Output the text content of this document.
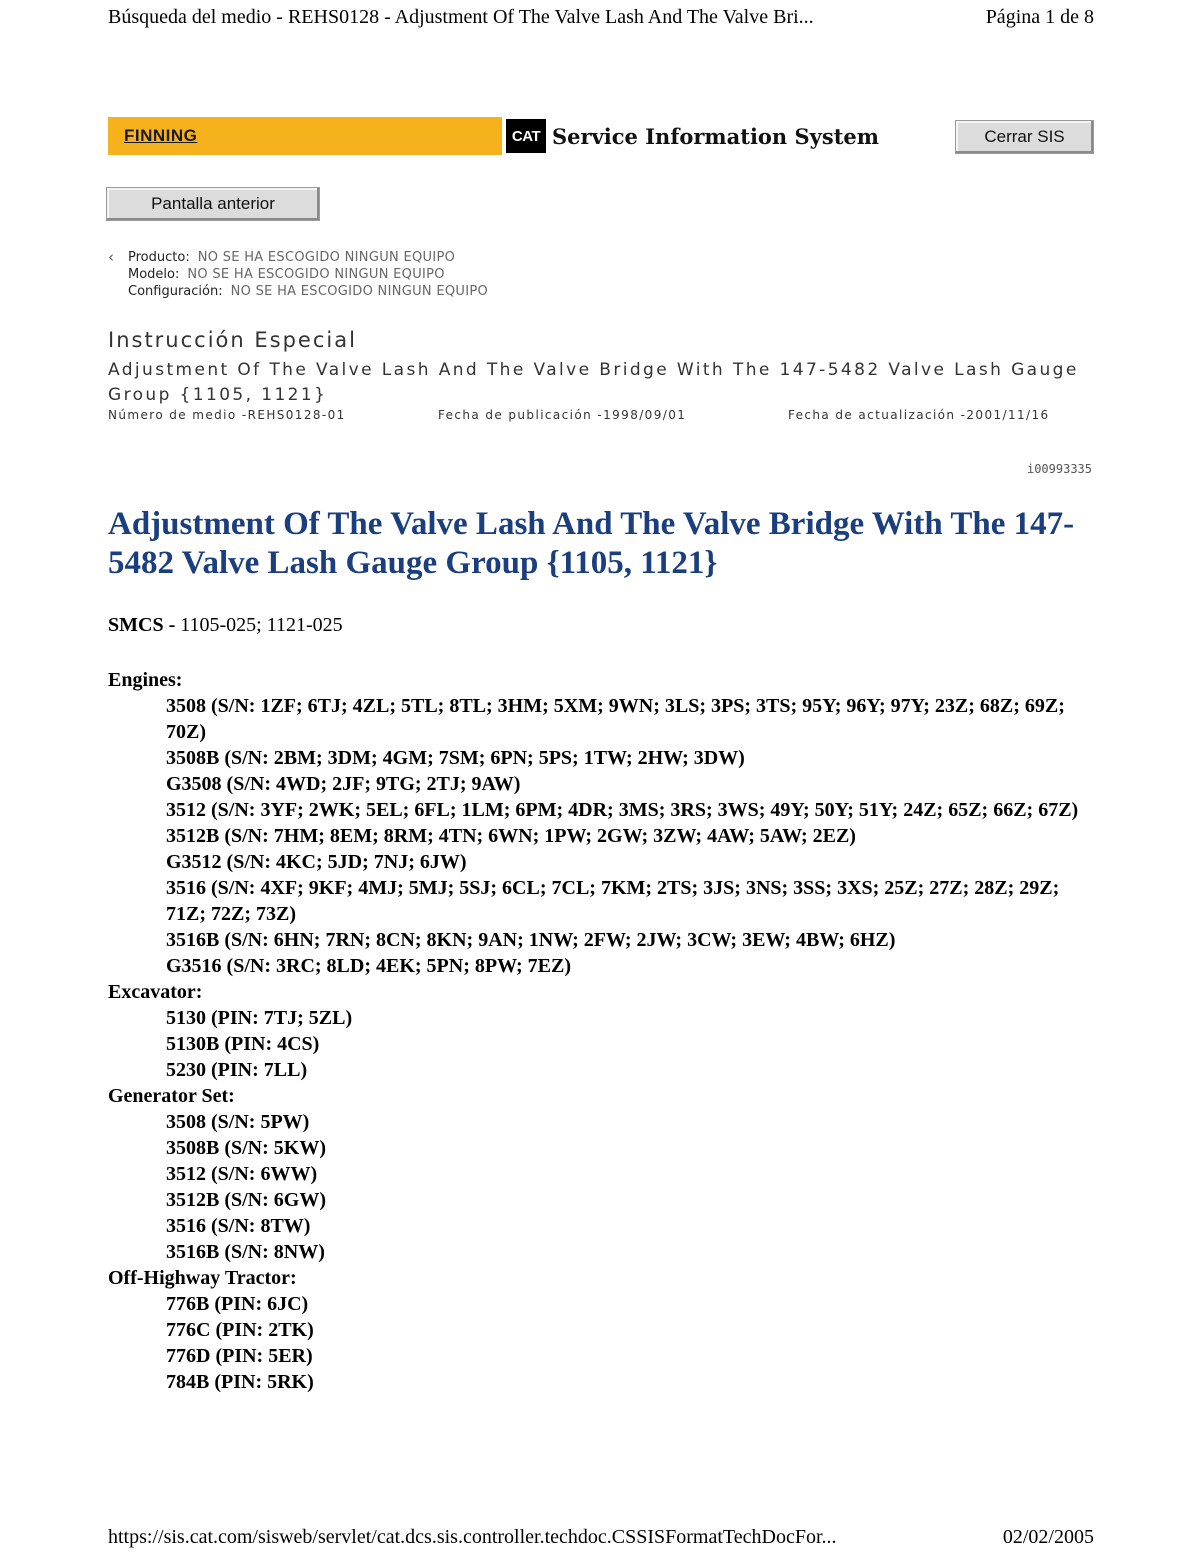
Búsqueda del medio - REHS0128 - Adjustment Of The Valve Lash And The Valve Bri...	Página 1 de 8
FINNING	CAT Service Information System	Cerrar SIS
Pantalla anterior
‹	Producto: NO SE HA ESCOGIDO NINGUN EQUIPO
Modelo: NO SE HA ESCOGIDO NINGUN EQUIPO
Configuración: NO SE HA ESCOGIDO NINGUN EQUIPO
Instrucción Especial
Adjustment Of The Valve Lash And The Valve Bridge With The 147-5482 Valve Lash Gauge Group {1105, 1121}
Número de medio -REHS0128-01	Fecha de publicación -1998/09/01	Fecha de actualización -2001/11/16
i00993335
Adjustment Of The Valve Lash And The Valve Bridge With The 147-5482 Valve Lash Gauge Group {1105, 1121}
SMCS - 1105-025; 1121-025
Engines:
3508 (S/N: 1ZF; 6TJ; 4ZL; 5TL; 8TL; 3HM; 5XM; 9WN; 3LS; 3PS; 3TS; 95Y; 96Y; 97Y; 23Z; 68Z; 69Z; 70Z)
3508B (S/N: 2BM; 3DM; 4GM; 7SM; 6PN; 5PS; 1TW; 2HW; 3DW)
G3508 (S/N: 4WD; 2JF; 9TG; 2TJ; 9AW)
3512 (S/N: 3YF; 2WK; 5EL; 6FL; 1LM; 6PM; 4DR; 3MS; 3RS; 3WS; 49Y; 50Y; 51Y; 24Z; 65Z; 66Z; 67Z)
3512B (S/N: 7HM; 8EM; 8RM; 4TN; 6WN; 1PW; 2GW; 3ZW; 4AW; 5AW; 2EZ)
G3512 (S/N: 4KC; 5JD; 7NJ; 6JW)
3516 (S/N: 4XF; 9KF; 4MJ; 5MJ; 5SJ; 6CL; 7CL; 7KM; 2TS; 3JS; 3NS; 3SS; 3XS; 25Z; 27Z; 28Z; 29Z; 71Z; 72Z; 73Z)
3516B (S/N: 6HN; 7RN; 8CN; 8KN; 9AN; 1NW; 2FW; 2JW; 3CW; 3EW; 4BW; 6HZ)
G3516 (S/N: 3RC; 8LD; 4EK; 5PN; 8PW; 7EZ)
Excavator:
5130 (PIN: 7TJ; 5ZL)
5130B (PIN: 4CS)
5230 (PIN: 7LL)
Generator Set:
3508 (S/N: 5PW)
3508B (S/N: 5KW)
3512 (S/N: 6WW)
3512B (S/N: 6GW)
3516 (S/N: 8TW)
3516B (S/N: 8NW)
Off-Highway Tractor:
776B (PIN: 6JC)
776C (PIN: 2TK)
776D (PIN: 5ER)
784B (PIN: 5RK)
https://sis.cat.com/sisweb/servlet/cat.dcs.sis.controller.techdoc.CSSISFormatTechDocFor...	02/02/2005
